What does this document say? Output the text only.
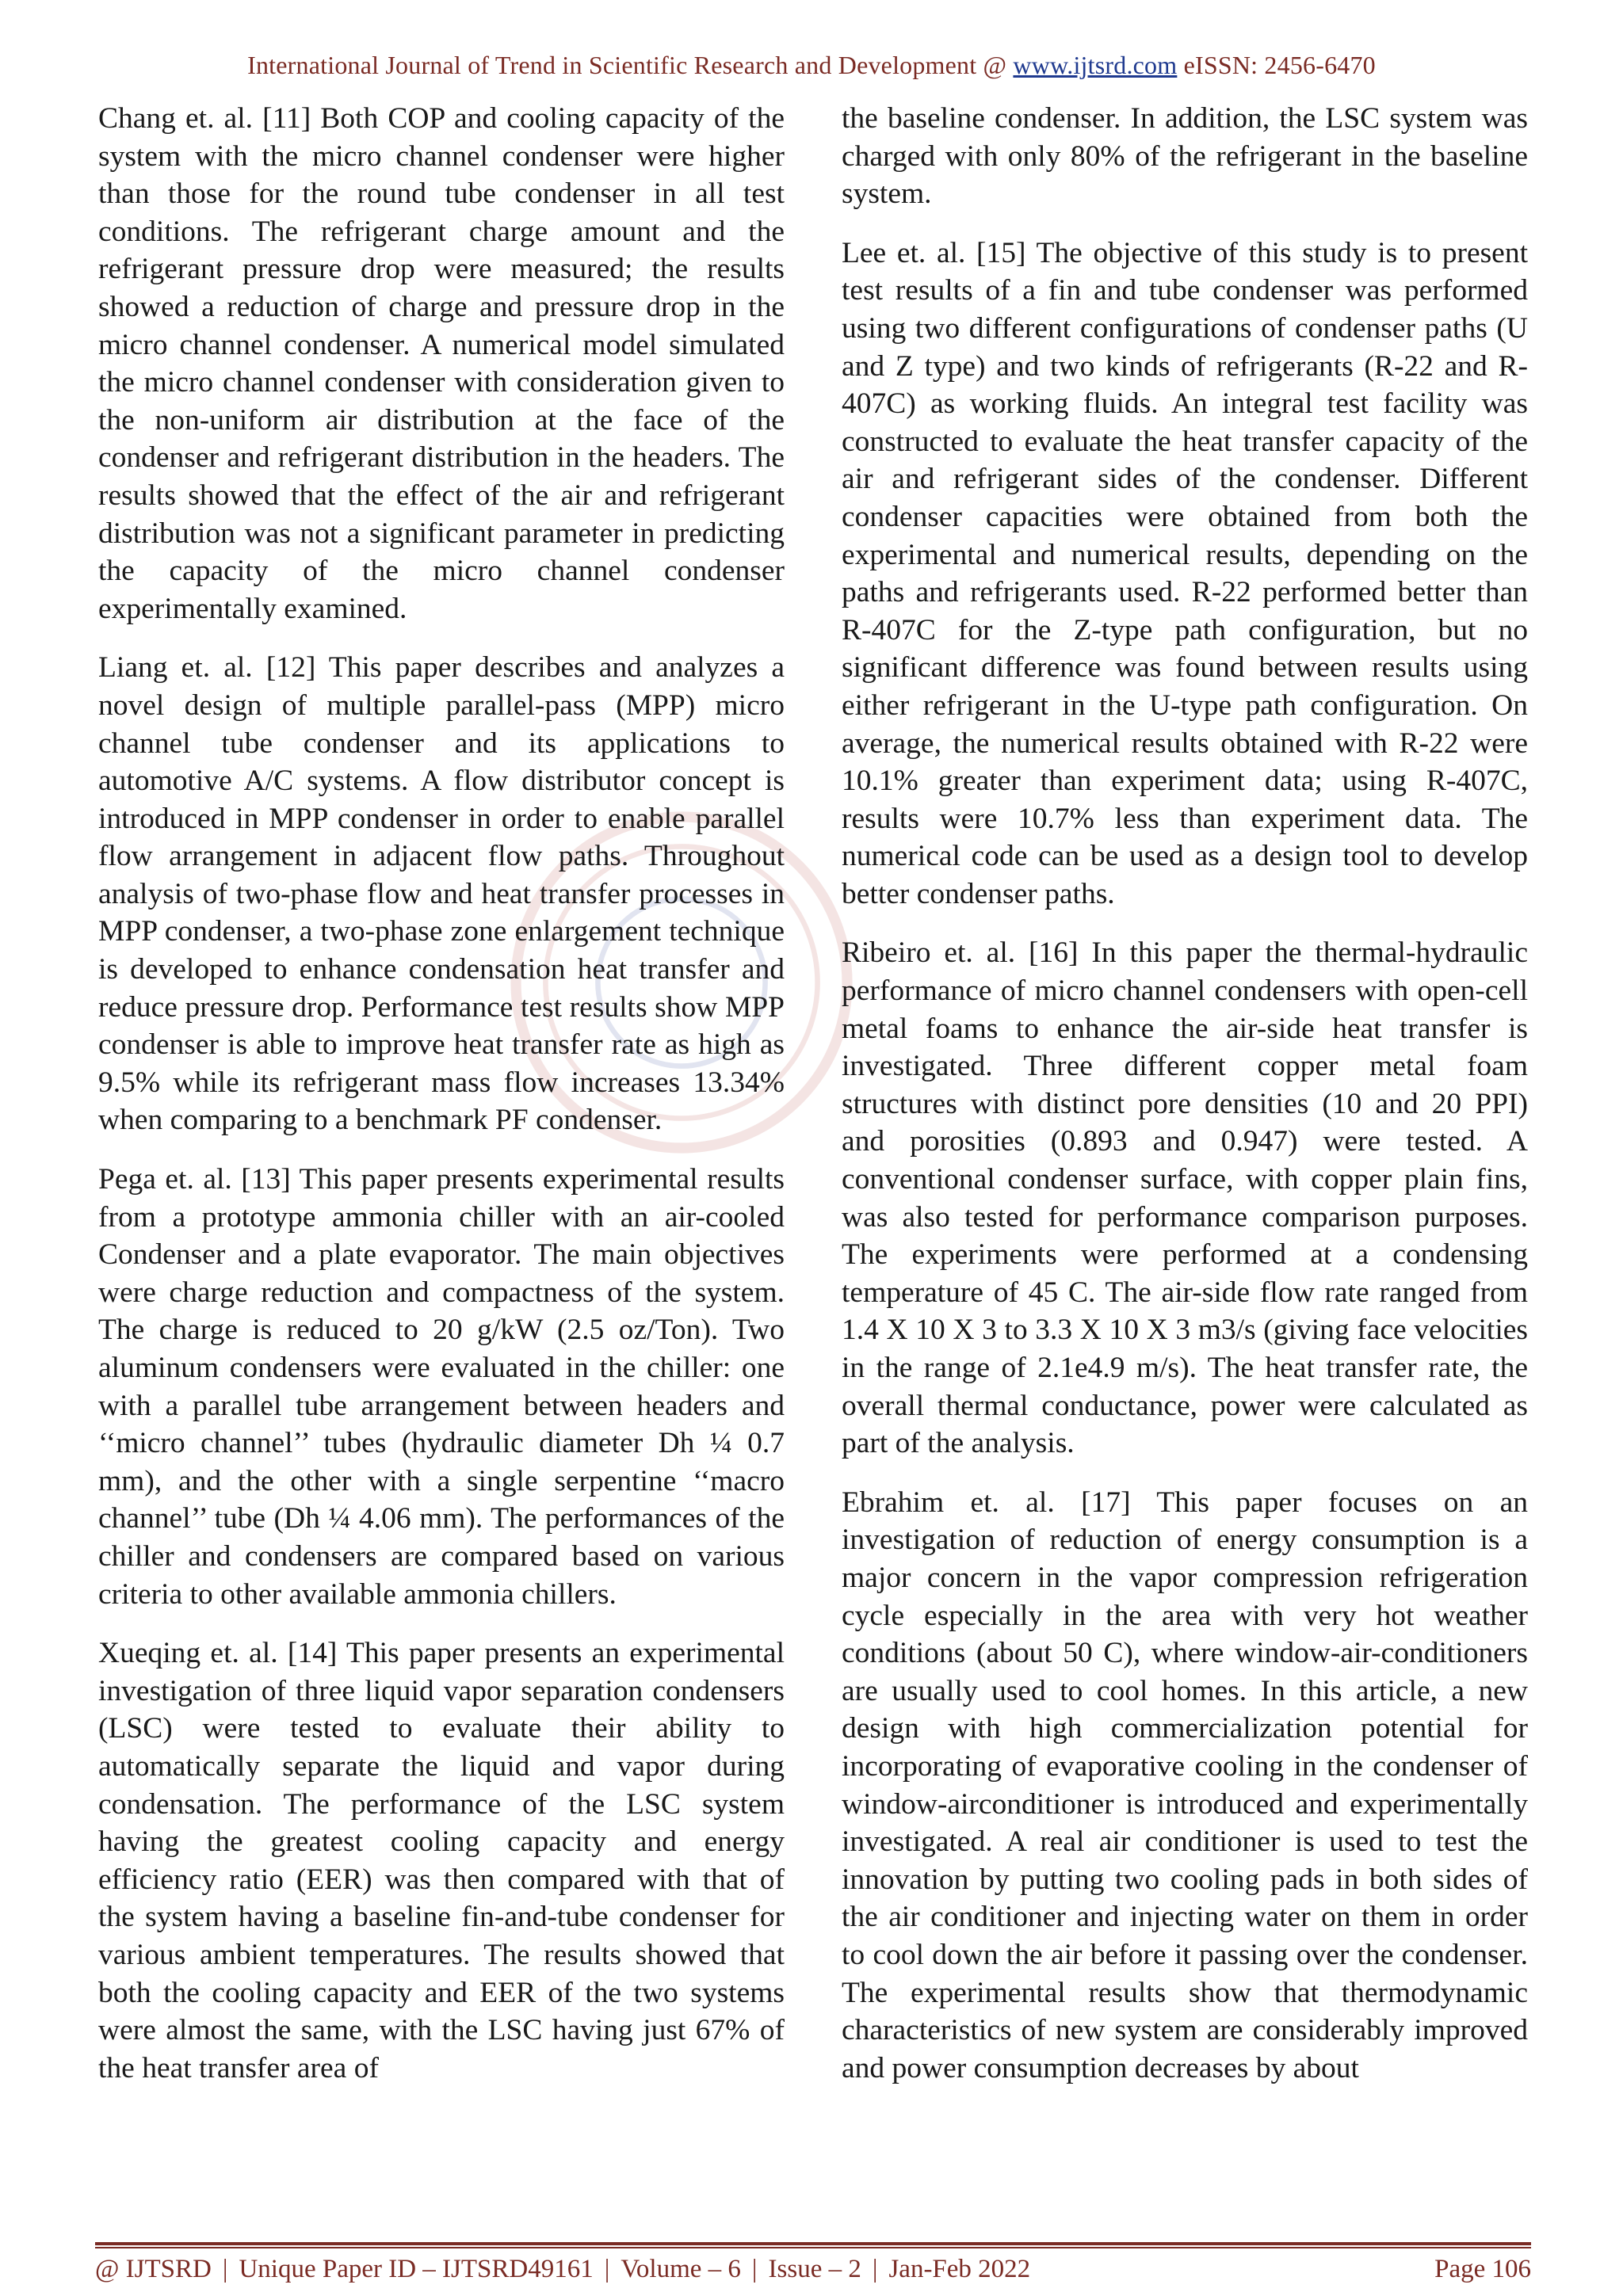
International Journal of Trend in Scientific Research and Development @ www.ijtsrd.com eISSN: 2456-6470

Chang et. al. [11] Both COP and cooling capacity of the system with the micro channel condenser were higher than those for the round tube condenser in all test conditions. The refrigerant charge amount and the refrigerant pressure drop were measured; the results showed a reduction of charge and pressure drop in the micro channel condenser. A numerical model simulated the micro channel condenser with consideration given to the non-uniform air distribution at the face of the condenser and refrigerant distribution in the headers. The results showed that the effect of the air and refrigerant distribution was not a significant parameter in predicting the capacity of the micro channel condenser experimentally examined.

Liang et. al. [12] This paper describes and analyzes a novel design of multiple parallel-pass (MPP) micro channel tube condenser and its applications to automotive A/C systems. A flow distributor concept is introduced in MPP condenser in order to enable parallel flow arrangement in adjacent flow paths. Throughout analysis of two-phase flow and heat transfer processes in MPP condenser, a two-phase zone enlargement technique is developed to enhance condensation heat transfer and reduce pressure drop. Performance test results show MPP condenser is able to improve heat transfer rate as high as 9.5% while its refrigerant mass flow increases 13.34% when comparing to a benchmark PF condenser.

Pega et. al. [13] This paper presents experimental results from a prototype ammonia chiller with an air-cooled Condenser and a plate evaporator. The main objectives were charge reduction and compactness of the system. The charge is reduced to 20 g/kW (2.5 oz/Ton). Two aluminum condensers were evaluated in the chiller: one with a parallel tube arrangement between headers and ‘‘micro channel’’ tubes (hydraulic diameter Dh ¼ 0.7 mm), and the other with a single serpentine ‘‘macro channel’’ tube (Dh ¼ 4.06 mm). The performances of the chiller and condensers are compared based on various criteria to other available ammonia chillers.

Xueqing et. al. [14] This paper presents an experimental investigation of three liquid vapor separation condensers (LSC) were tested to evaluate their ability to automatically separate the liquid and vapor during condensation. The performance of the LSC system having the greatest cooling capacity and energy efficiency ratio (EER) was then compared with that of the system having a baseline fin-and-tube condenser for various ambient temperatures. The results showed that both the cooling capacity and EER of the two systems were almost the same, with the LSC having just 67% of the heat transfer area of

the baseline condenser. In addition, the LSC system was charged with only 80% of the refrigerant in the baseline system.

Lee et. al. [15] The objective of this study is to present test results of a fin and tube condenser was performed using two different configurations of condenser paths (U and Z type) and two kinds of refrigerants (R-22 and R-407C) as working fluids. An integral test facility was constructed to evaluate the heat transfer capacity of the air and refrigerant sides of the condenser. Different condenser capacities were obtained from both the experimental and numerical results, depending on the paths and refrigerants used. R-22 performed better than R-407C for the Z-type path configuration, but no significant difference was found between results using either refrigerant in the U-type path configuration. On average, the numerical results obtained with R-22 were 10.1% greater than experiment data; using R-407C, results were 10.7% less than experiment data. The numerical code can be used as a design tool to develop better condenser paths.

Ribeiro et. al. [16] In this paper the thermal-hydraulic performance of micro channel condensers with open-cell metal foams to enhance the air-side heat transfer is investigated. Three different copper metal foam structures with distinct pore densities (10 and 20 PPI) and porosities (0.893 and 0.947) were tested. A conventional condenser surface, with copper plain fins, was also tested for performance comparison purposes. The experiments were performed at a condensing temperature of 45 C. The air-side flow rate ranged from 1.4 X 10 X 3 to 3.3 X 10 X 3 m3/s (giving face velocities in the range of 2.1e4.9 m/s). The heat transfer rate, the overall thermal conductance, power were calculated as part of the analysis.

Ebrahim et. al. [17] This paper focuses on an investigation of reduction of energy consumption is a major concern in the vapor compression refrigeration cycle especially in the area with very hot weather conditions (about 50 C), where window-air-conditioners are usually used to cool homes. In this article, a new design with high commercialization potential for incorporating of evaporative cooling in the condenser of window-airconditioner is introduced and experimentally investigated. A real air conditioner is used to test the innovation by putting two cooling pads in both sides of the air conditioner and injecting water on them in order to cool down the air before it passing over the condenser. The experimental results show that thermodynamic characteristics of new system are considerably improved and power consumption decreases by about

@ IJTSRD | Unique Paper ID – IJTSRD49161 | Volume – 6 | Issue – 2 | Jan-Feb 2022	Page 106
